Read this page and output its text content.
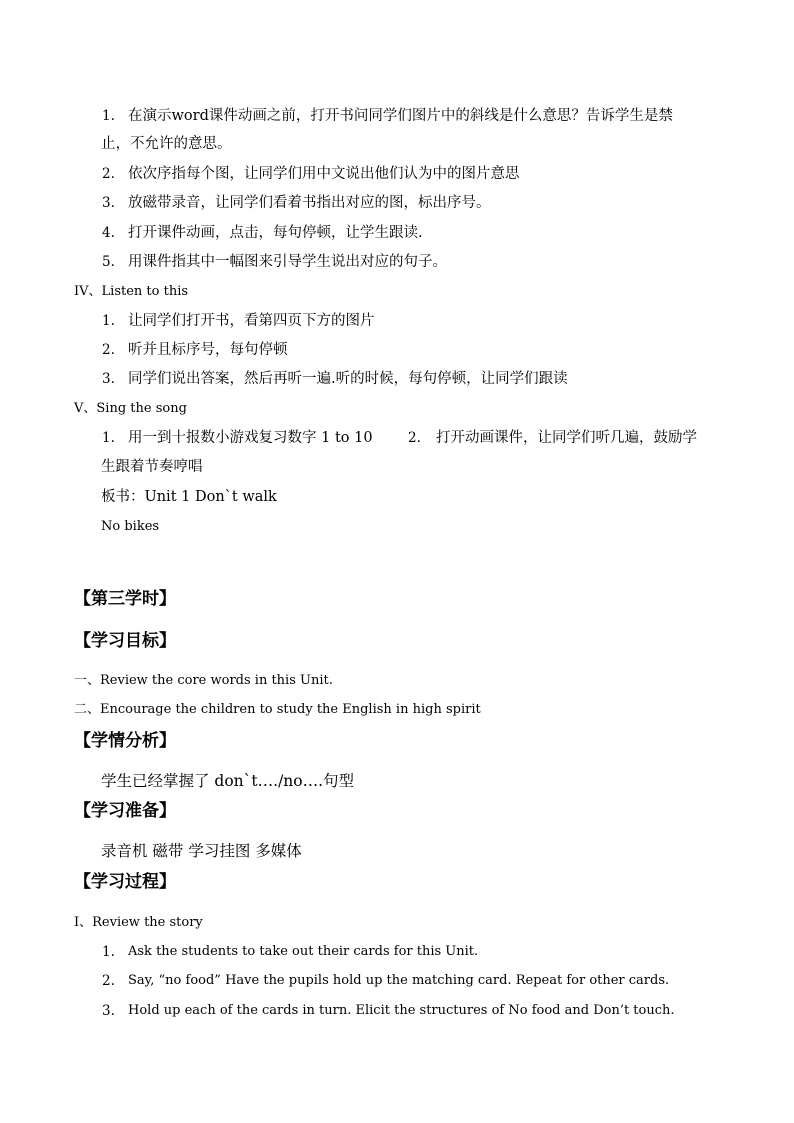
1. 在演示word课件动画之前，打开书问同学们图片中的斜线是什么意思？告诉学生是禁
止，不允许的意思。
2. 依次序指每个图，让同学们用中文说出他们认为中的图片意思
3. 放磁带录音，让同学们看着书指出对应的图，标出序号。
4. 打开课件动画，点击，每句停顿，让学生跟读.
5. 用课件指其中一幅图来引导学生说出对应的句子。
IV、Listen to this
1. 让同学们打开书，看第四页下方的图片
2. 听并且标序号，每句停顿
3. 同学们说出答案，然后再听一遍.听的时候，每句停顿，让同学们跟读
V、Sing the song
1. 用一到十报数小游戏复习数字 1 to 10	2. 打开动画课件，让同学们听几遍，鼓励学
生跟着节奏哼唱
板书：Unit 1 Don`t walk
No bikes
【第三学时】
【学习目标】
一、Review the core words in this Unit.
二、Encourage the children to study the English in high spirit
【学情分析】
学生已经掌握了 don`t…./no….句型
【学习准备】
录音机 磁带 学习挂图 多媒体
【学习过程】
I、Review the story
1. Ask the students to take out their cards for this Unit.
2. Say, “no food” Have the pupils hold up the matching card. Repeat for other cards.
3. Hold up each of the cards in turn. Elicit the structures of No food and Don’t touch.
